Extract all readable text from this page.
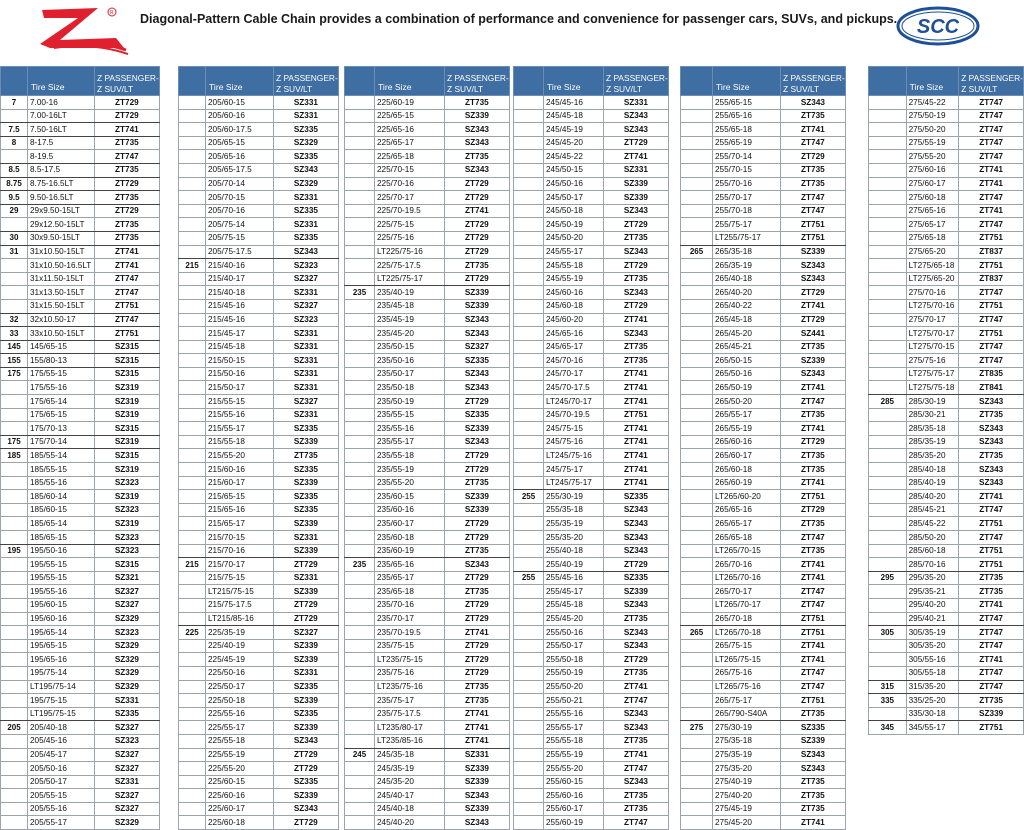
R Diagonal-Pattern Cable Chain provides a combination of performance and convenience for passenger cars, SUVs, and pickups. SCC
	Tire Size	Z PASSENGER-
Z SUV/LT

7	7.00-16	ZT729
	7.00-16LT	ZT729
7.5	7.50-16LT	ZT741
8	8-17.5	ZT735
	8-19.5	ZT747
8.5	8.5-17.5	ZT735
8.75	8.75-16.5LT	ZT729
9.5	9.50-16.5LT	ZT735
29	29x9.50-15LT	ZT729
	29x12.50-15LT	ZT735
30	30x9.50-15LT	ZT735
31	31x10.50-15LT	ZT741
	31x10.50-16.5LT	ZT741
	31x11.50-15LT	ZT747
	31x13.50-15LT	ZT747
	31x15.50-15LT	ZT751
32	32x10.50-17	ZT747
33	33x10.50-15LT	ZT751
145	145/65-15	SZ315
155	155/80-13	SZ315
175	175/55-15	SZ315
	175/55-16	SZ319
	175/65-14	SZ319
	175/65-15	SZ319
	175/70-13	SZ315
175	175/70-14	SZ319
185	185/55-14	SZ315
	185/55-15	SZ319
	185/55-16	SZ323
	185/60-14	SZ319
	185/60-15	SZ323
	185/65-14	SZ319
	185/65-15	SZ323
195	195/50-16	SZ323
	195/55-15	SZ315
	195/55-15	SZ321
	195/55-16	SZ327
	195/60-15	SZ327
	195/60-16	SZ329
	195/65-14	SZ323
	195/65-15	SZ329
	195/65-16	SZ329
	195/75-14	SZ329
	LT195/75-14	SZ329
	195/75-15	SZ331
	LT195/75-15	SZ335
205	205/40-18	SZ327
	205/45-16	SZ323
	205/45-17	SZ327
	205/50-16	SZ327
	205/50-17	SZ331
	205/55-15	SZ327
	205/55-16	SZ327
	205/55-17	SZ329
	Tire Size	Z PASSENGER-
Z SUV/LT

	205/60-15	SZ331
	205/60-16	SZ331
	205/60-17.5	SZ335
	205/65-15	SZ329
	205/65-16	SZ335
	205/65-17.5	SZ343
	205/70-14	SZ329
	205/70-15	SZ331
	205/70-16	SZ335
	205/75-14	SZ331
	205/75-15	SZ335
	205/75-17.5	SZ343
215	215/40-16	SZ323
	215/40-17	SZ327
	215/40-18	SZ331
	215/45-16	SZ327
	215/45-16	SZ323
	215/45-17	SZ331
	215/45-18	SZ331
	215/50-15	SZ331
	215/50-16	SZ331
	215/50-17	SZ331
	215/55-15	SZ327
	215/55-16	SZ331
	215/55-17	SZ335
	215/55-18	SZ339
	215/55-20	ZT735
	215/60-16	SZ335
	215/60-17	SZ339
	215/65-15	SZ335
	215/65-16	SZ335
	215/65-17	SZ339
	215/70-15	SZ331
	215/70-16	SZ339
215	215/70-17	ZT729
	215/75-15	SZ331
	LT215/75-15	SZ339
	215/75-17.5	ZT729
	LT215/85-16	ZT729
225	225/35-19	SZ327
	225/40-19	SZ339
	225/45-19	SZ339
	225/50-16	SZ331
	225/50-17	SZ335
	225/50-18	SZ339
	225/55-16	SZ335
	225/55-17	SZ339
	225/55-18	SZ343
	225/55-19	ZT729
	225/55-20	ZT729
	225/60-15	SZ335
	225/60-16	SZ339
	225/60-17	SZ343
	225/60-18	ZT729
	Tire Size	Z PASSENGER-
Z SUV/LT

	225/60-19	ZT735
	225/65-15	SZ339
	225/65-16	SZ343
	225/65-17	SZ343
	225/65-18	ZT735
	225/70-15	SZ343
	225/70-16	ZT729
	225/70-17	ZT729
	225/70-19.5	ZT741
	225/75-15	ZT729
	225/75-16	ZT729
	LT225/75-16	ZT729
	225/75-17.5	ZT735
	LT225/75-17	ZT729
235	235/40-19	SZ339
	235/45-18	SZ339
	235/45-19	SZ343
	235/45-20	SZ343
	235/50-15	SZ327
	235/50-16	SZ335
	235/50-17	SZ343
	235/50-18	SZ343
	235/50-19	ZT729
	235/55-15	SZ335
	235/55-16	SZ339
	235/55-17	SZ343
	235/55-18	ZT729
	235/55-19	ZT729
	235/55-20	ZT735
	235/60-15	SZ339
	235/60-16	SZ339
	235/60-17	ZT729
	235/60-18	ZT729
	235/60-19	ZT735
235	235/65-16	SZ343
	235/65-17	ZT729
	235/65-18	ZT735
	235/70-16	ZT729
	235/70-17	ZT729
	235/70-19.5	ZT741
	235/75-15	ZT729
	LT235/75-15	ZT729
	235/75-16	ZT729
	LT235/75-16	ZT735
	235/75-17	ZT735
	235/75-17.5	ZT741
	LT235/80-17	ZT741
	LT235/85-16	ZT741
245	245/35-18	SZ331
	245/35-19	SZ339
	245/35-20	SZ339
	245/40-17	SZ343
	245/40-18	SZ339
	245/40-20	SZ343
	Tire Size	Z PASSENGER-
Z SUV/LT

	245/45-16	SZ331
	245/45-18	SZ343
	245/45-19	SZ343
	245/45-20	ZT729
	245/45-22	ZT741
	245/50-15	SZ331
	245/50-16	SZ339
	245/50-17	SZ339
	245/50-18	SZ343
	245/50-19	ZT729
	245/50-20	ZT735
	245/55-17	SZ343
	245/55-18	ZT729
	245/55-19	ZT735
	245/60-16	SZ343
	245/60-18	ZT729
	245/60-20	ZT741
	245/65-16	SZ343
	245/65-17	ZT735
	245/70-16	ZT735
	245/70-17	ZT741
	245/70-17.5	ZT741
	LT245/70-17	ZT741
	245/70-19.5	ZT751
	245/75-15	ZT741
	245/75-16	ZT741
	LT245/75-16	ZT741
	245/75-17	ZT741
	LT245/75-17	ZT741
255	255/30-19	SZ335
	255/35-18	SZ343
	255/35-19	SZ343
	255/35-20	SZ343
	255/40-18	SZ343
	255/40-19	ZT729
255	255/45-16	SZ335
	255/45-17	SZ339
	255/45-18	SZ343
	255/45-20	ZT735
	255/50-16	SZ343
	255/50-17	SZ343
	255/50-18	ZT729
	255/50-19	ZT735
	255/50-20	ZT741
	255/50-21	ZT747
	255/55-16	SZ343
	255/55-17	SZ343
	255/55-18	ZT735
	255/55-19	ZT741
	255/55-20	ZT747
	255/60-15	SZ343
	255/60-16	ZT735
	255/60-17	ZT735
	255/60-19	ZT747
	Tire Size	Z PASSENGER-
Z SUV/LT

	255/65-15	SZ343
	255/65-16	ZT735
	255/65-18	ZT741
	255/65-19	ZT747
	255/70-14	ZT729
	255/70-15	ZT735
	255/70-16	ZT735
	255/70-17	ZT747
	255/70-18	ZT747
	255/75-17	ZT751
	LT255/75-17	ZT751
265	265/35-18	SZ339
	265/35-19	SZ343
	265/40-18	SZ343
	265/40-20	ZT729
	265/40-22	ZT741
	265/45-18	ZT729
	265/45-20	SZ441
	265/45-21	ZT735
	265/50-15	SZ339
	265/50-16	SZ343
	265/50-19	ZT741
	265/50-20	ZT747
	265/55-17	ZT735
	265/55-19	ZT741
	265/60-16	ZT729
	265/60-17	ZT735
	265/60-18	ZT735
	265/60-19	ZT741
	LT265/60-20	ZT751
	265/65-16	ZT729
	265/65-17	ZT735
	265/65-18	ZT747
	LT265/70-15	ZT735
	265/70-16	ZT741
	LT265/70-16	ZT741
	265/70-17	ZT747
	LT265/70-17	ZT747
	265/70-18	ZT751
265	LT265/70-18	ZT751
	265/75-15	ZT741
	LT265/75-15	ZT741
	265/75-16	ZT747
	LT265/75-16	ZT747
	265/75-17	ZT751
	265/790-S40A	ZT735
275	275/30-19	SZ335
	275/35-18	SZ339
	275/35-19	SZ343
	275/35-20	SZ343
	275/40-19	ZT735
	275/40-20	ZT735
	275/45-19	ZT735
	275/45-20	ZT741
	Tire Size	Z PASSENGER-
Z SUV/LT

	275/45-22	ZT747
	275/50-19	ZT747
	275/50-20	ZT747
	275/55-19	ZT747
	275/55-20	ZT747
	275/60-16	ZT741
	275/60-17	ZT741
	275/60-18	ZT747
	275/65-16	ZT741
	275/65-17	ZT747
	275/65-18	ZT751
	275/65-20	ZT837
	LT275/65-18	ZT751
	LT275/65-20	ZT837
	275/70-16	ZT747
	LT275/70-16	ZT751
	275/70-17	ZT747
	LT275/70-17	ZT751
	LT275/70-15	ZT747
	275/75-16	ZT747
	LT275/75-17	ZT835
	LT275/75-18	ZT841
285	285/30-19	SZ343
	285/30-21	ZT735
	285/35-18	SZ343
	285/35-19	SZ343
	285/35-20	ZT735
	285/40-18	SZ343
	285/40-19	SZ343
	285/40-20	ZT741
	285/45-21	ZT747
	285/45-22	ZT751
	285/50-20	ZT747
	285/60-18	ZT751
	285/70-16	ZT751
295	295/35-20	ZT735
	295/35-21	ZT735
	295/40-20	ZT741
	295/40-21	ZT747
305	305/35-19	ZT747
	305/35-20	ZT747
	305/55-16	ZT741
	305/55-18	ZT747
315	315/35-20	ZT747
335	335/25-20	ZT735
	335/30-18	SZ339
345	345/55-17	ZT751
